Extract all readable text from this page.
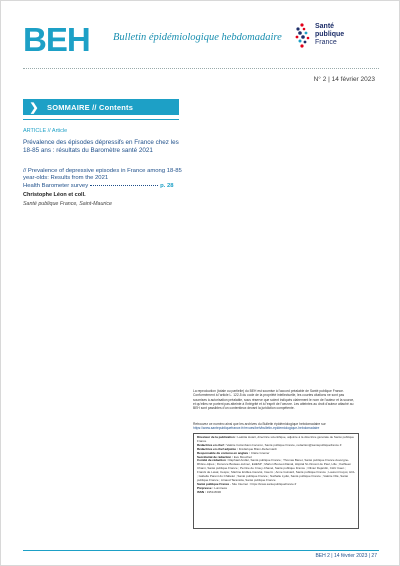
BEH Bulletin épidémiologique hebdomadaire
Santé
publique
France
N° 2 | 14 février 2023
❯	SOMMAIRE // Contents
ARTICLE // Article
Prévalence des épisodes dépressifs en France chez les 18-85 ans : résultats du Baromètre santé 2021
// Prevalence of depressive episodes in France among 18-85 year-olds: Results from the 2021
Health Barometer survey	p. 28
Christophe Léon et coll.
Santé publique France, Saint-Maurice
La reproduction (totale ou partielle) du BEH est soumise à l'accord préalable de Santé publique France. Conformément à l'article L. 122-5 du code de la propriété intellectuelle, les courtes citations ne sont pas soumises à autorisation préalable, sous réserve que soient indiqués clairement le nom de l'auteur et la source, et qu'elles ne portent pas atteinte à l'intégrité et à l'esprit de l'oeuvre. Les atteintes au droit d'auteur attaché au BEH sont passibles d'un contentieux devant la juridiction compétente.
Retrouvez ce numéro ainsi que les archives du Bulletin épidémiologique hebdomadaire sur
https://www.santepubliquefrance.fr/revues/beh/bulletin-epidemiologique-hebdomadaire
Directeur de la publication : Laëtitia Huiart, directrice scientifique, adjointe à la directrice générale de Santé publique France
Rédactrice en chef : Valérie Colombani-Cocuron, Santé publique France, redaction@santepubliquefrance.fr
Rédactrice en chef adjointe : Frédérique Biton-Debernardi
Responsable du contenu en anglais : Claire Grenier
Secrétariat de rédaction : Eve Mouchez
Comité de rédaction : Raphaël Andler, Santé publique France ; Thomas Bénet, Santé publique France Auvergne-Rhône-Alpes ; Florence Bodeau-Livinec, EHESP ; Marion Bouvet-Dianal, Hôpital St-Vincent de Paul, Lille ; Kathleen Chami, Santé publique France ; Perrine de Crouy-Chanel, Santé publique France ; Olivier Dejardin, CHU Caen ; Franck de Laval, Cespa ; Martine Erdiles-Cauviot, Inserm ; Anne Guinard, Santé publique France ; Laurent Guyot, HCL ; Isabelle Parent du Châtelet ; Santé publique France ; Nathalie Lydié, Santé publique France ; Valérie Olié, Santé publique France ; Arnaud Tarantola, Santé publique France
Santé publique France - Site Internet : https://www.santepubliquefrance.fr
Prépresse : Luminess
ISSN : 1953-8030
BEH 2 | 14 février 2023 | 27
